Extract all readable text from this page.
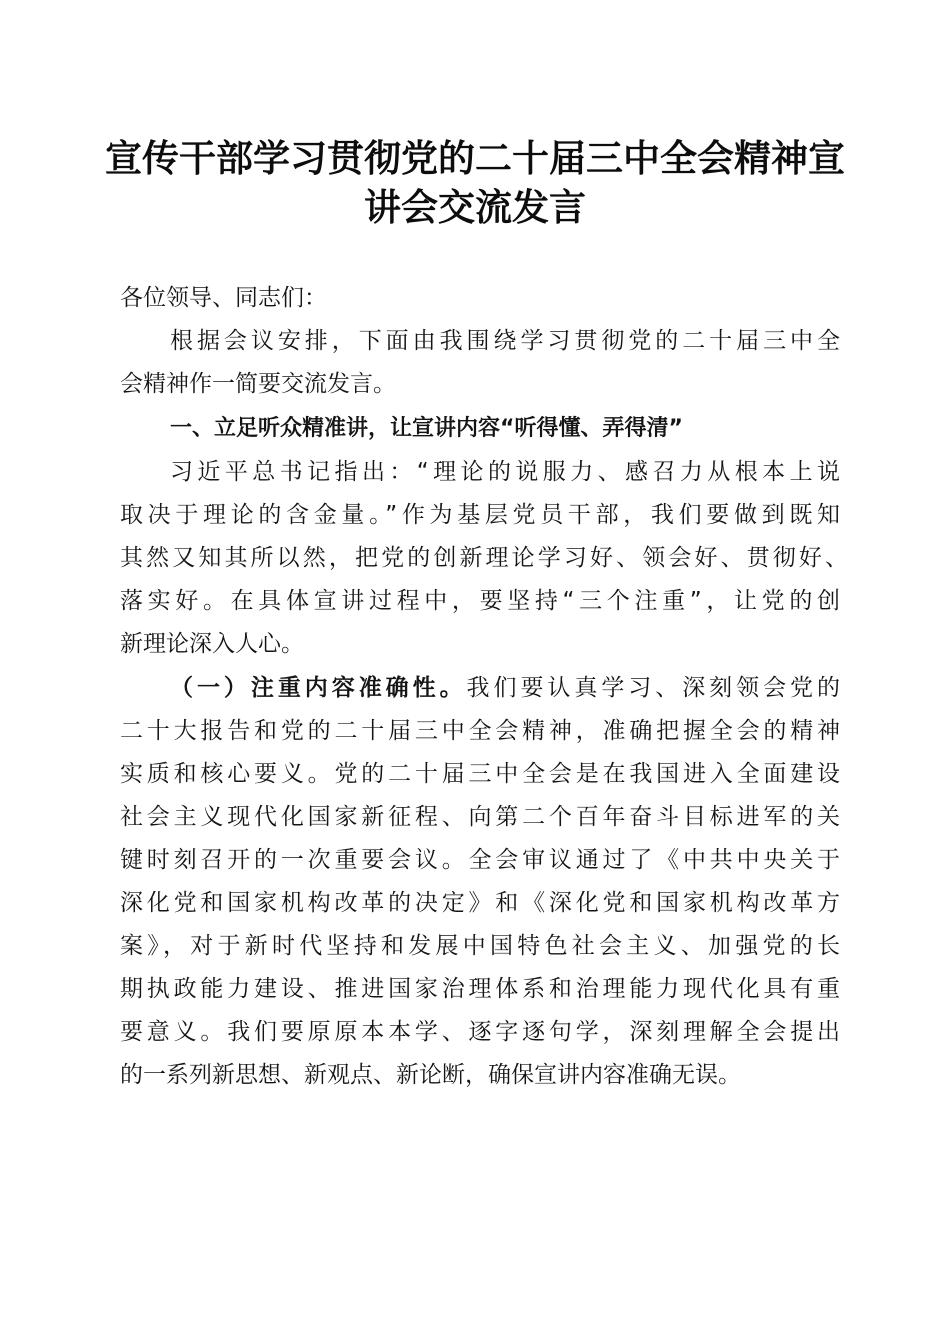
宣传干部学习贯彻党的二十届三中全会精神宣
讲会交流发言

各位领导、同志们：

根据会议安排，下面由我围绕学习贯彻党的二十届三中全

会精神作一简要交流发言。

一、立足听众精准讲，让宣讲内容“听得懂、弄得清”

习近平总书记指出：“理论的说服力、感召力从根本上说

取决于理论的含金量。”作为基层党员干部，我们要做到既知

其然又知其所以然，把党的创新理论学习好、领会好、贯彻好、

落实好。在具体宣讲过程中，要坚持“三个注重”，让党的创

新理论深入人心。

（一）注重内容准确性。我们要认真学习、深刻领会党的

二十大报告和党的二十届三中全会精神，准确把握全会的精神

实质和核心要义。党的二十届三中全会是在我国进入全面建设

社会主义现代化国家新征程、向第二个百年奋斗目标进军的关

键时刻召开的一次重要会议。全会审议通过了《中共中央关于

深化党和国家机构改革的决定》和《深化党和国家机构改革方

案》，对于新时代坚持和发展中国特色社会主义、加强党的长

期执政能力建设、推进国家治理体系和治理能力现代化具有重

要意义。我们要原原本本学、逐字逐句学，深刻理解全会提出

的一系列新思想、新观点、新论断，确保宣讲内容准确无误。
